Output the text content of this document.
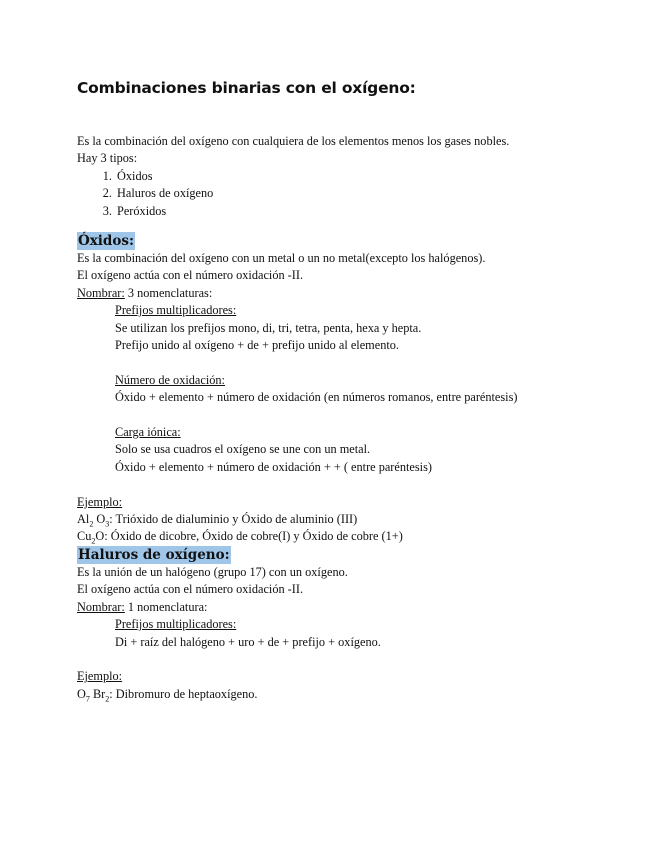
Combinaciones binarias con el oxígeno:

Es la combinación del oxígeno con cualquiera de los elementos menos los gases nobles.

Hay 3 tipos:

1. Óxidos
2. Haluros de oxígeno
3. Peróxidos

Óxidos:

Es la combinación del oxígeno con un metal o un no metal(excepto los halógenos).

El oxígeno actúa con el número oxidación -II.

Nombrar: 3 nomenclaturas:

Prefijos multiplicadores:

Se utilizan los prefijos mono, di, tri, tetra, penta, hexa y hepta.

Prefijo unido al oxígeno + de + prefijo unido al elemento.

Número de oxidación:

Óxido + elemento + número de oxidación (en números romanos, entre paréntesis)

Carga iónica:

Solo se usa cuadros el oxígeno se une con un metal.

Óxido + elemento + número de oxidación + + ( entre paréntesis)

Ejemplo:

$Al_2$ $O_3$: Trióxido de dialuminio y Óxido de aluminio (III)

$Cu_2O$: Óxido de dicobre, Óxido de cobre(I) y Óxido de cobre (1+)

Haluros de oxígeno:

Es la unión de un halógeno (grupo 17) con un oxígeno.

El oxígeno actúa con el número oxidación -II.

Nombrar: 1 nomenclatura:

Prefijos multiplicadores:

Di + raíz del halógeno + uro + de + prefijo + oxígeno.

Ejemplo:

$O_7$ $Br_2$: Dibromuro de heptaoxígeno.
